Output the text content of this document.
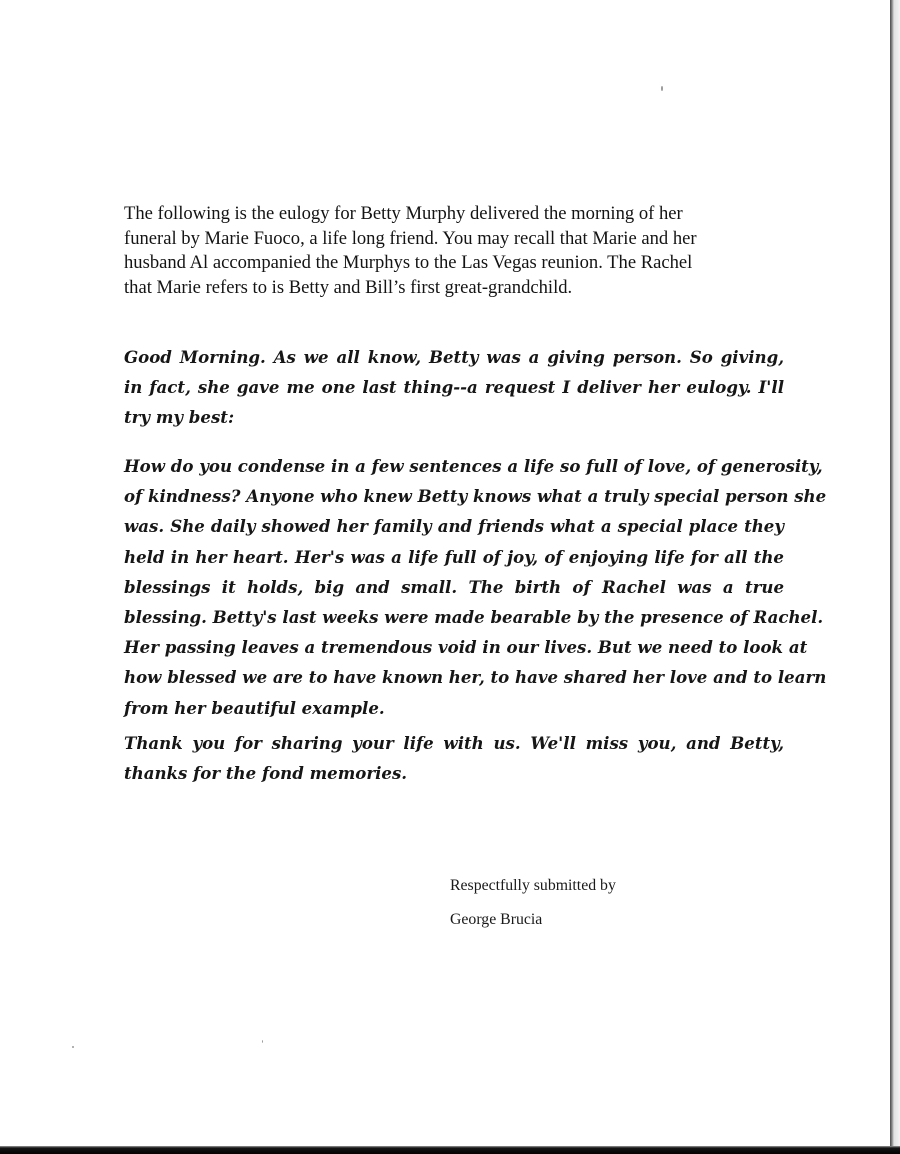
The following is the eulogy for Betty Murphy delivered the morning of her
funeral by Marie Fuoco, a life long friend. You may recall that Marie and her
husband Al accompanied the Murphys to the Las Vegas reunion. The Rachel
that Marie refers to is Betty and Bill’s first great-grandchild.
Good Morning. As we all know, Betty was a giving person. So giving,
in fact, she gave me one last thing--a request I deliver her eulogy. I'll
try my best:
How do you condense in a few sentences a life so full of love, of generosity,
of kindness? Anyone who knew Betty knows what a truly special person she
was. She daily showed her family and friends what a special place they
held in her heart. Her's was a life full of joy, of enjoying life for all the
blessings it holds, big and small. The birth of Rachel was a true
blessing. Betty's last weeks were made bearable by the presence of Rachel.
Her passing leaves a tremendous void in our lives. But we need to look at
how blessed we are to have known her, to have shared her love and to learn
from her beautiful example.
Thank you for sharing your life with us. We'll miss you, and Betty,
thanks for the fond memories.
Respectfully submitted by
George Brucia
